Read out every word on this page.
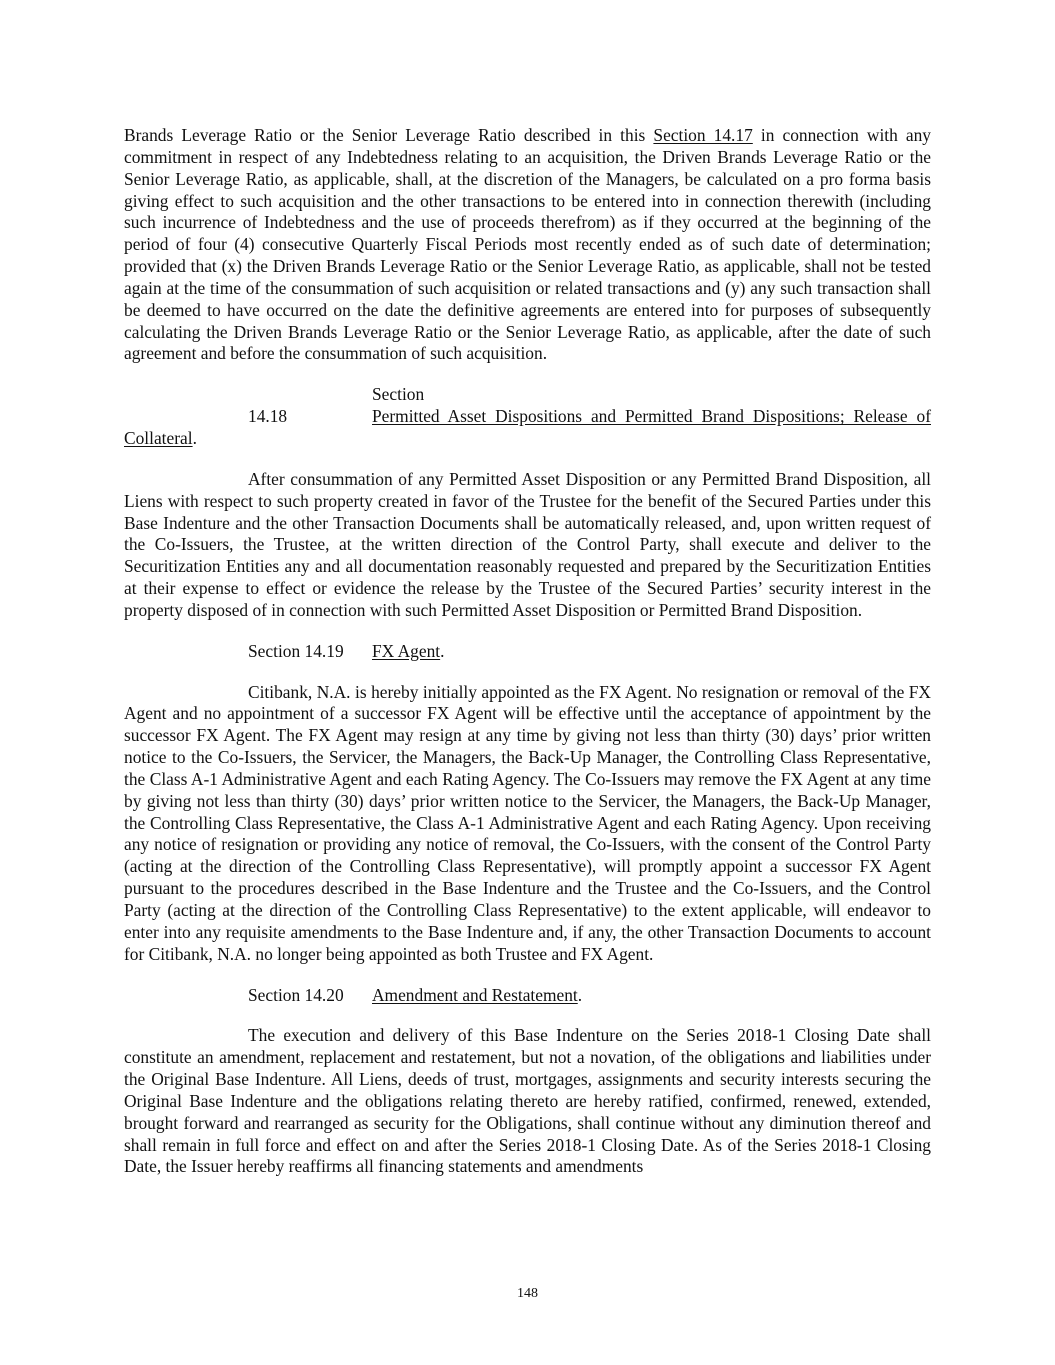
Brands Leverage Ratio or the Senior Leverage Ratio described in this Section 14.17 in connection with any commitment in respect of any Indebtedness relating to an acquisition, the Driven Brands Leverage Ratio or the Senior Leverage Ratio, as applicable, shall, at the discretion of the Managers, be calculated on a pro forma basis giving effect to such acquisition and the other transactions to be entered into in connection therewith (including such incurrence of Indebtedness and the use of proceeds therefrom) as if they occurred at the beginning of the period of four (4) consecutive Quarterly Fiscal Periods most recently ended as of such date of determination; provided that (x) the Driven Brands Leverage Ratio or the Senior Leverage Ratio, as applicable, shall not be tested again at the time of the consummation of such acquisition or related transactions and (y) any such transaction shall be deemed to have occurred on the date the definitive agreements are entered into for purposes of subsequently calculating the Driven Brands Leverage Ratio or the Senior Leverage Ratio, as applicable, after the date of such agreement and before the consummation of such acquisition.

Section 14.18	Permitted Asset Dispositions and Permitted Brand Dispositions; Release of Collateral.

After consummation of any Permitted Asset Disposition or any Permitted Brand Disposition, all Liens with respect to such property created in favor of the Trustee for the benefit of the Secured Parties under this Base Indenture and the other Transaction Documents shall be automatically released, and, upon written request of the Co-Issuers, the Trustee, at the written direction of the Control Party, shall execute and deliver to the Securitization Entities any and all documentation reasonably requested and prepared by the Securitization Entities at their expense to effect or evidence the release by the Trustee of the Secured Parties’ security interest in the property disposed of in connection with such Permitted Asset Disposition or Permitted Brand Disposition.

Section 14.19 FX Agent.

Citibank, N.A. is hereby initially appointed as the FX Agent. No resignation or removal of the FX Agent and no appointment of a successor FX Agent will be effective until the acceptance of appointment by the successor FX Agent. The FX Agent may resign at any time by giving not less than thirty (30) days’ prior written notice to the Co-Issuers, the Servicer, the Managers, the Back-Up Manager, the Controlling Class Representative, the Class A-1 Administrative Agent and each Rating Agency. The Co-Issuers may remove the FX Agent at any time by giving not less than thirty (30) days’ prior written notice to the Servicer, the Managers, the Back-Up Manager, the Controlling Class Representative, the Class A-1 Administrative Agent and each Rating Agency. Upon receiving any notice of resignation or providing any notice of removal, the Co-Issuers, with the consent of the Control Party (acting at the direction of the Controlling Class Representative), will promptly appoint a successor FX Agent pursuant to the procedures described in the Base Indenture and the Trustee and the Co-Issuers, and the Control Party (acting at the direction of the Controlling Class Representative) to the extent applicable, will endeavor to enter into any requisite amendments to the Base Indenture and, if any, the other Transaction Documents to account for Citibank, N.A. no longer being appointed as both Trustee and FX Agent.

Section 14.20 Amendment and Restatement.

The execution and delivery of this Base Indenture on the Series 2018-1 Closing Date shall constitute an amendment, replacement and restatement, but not a novation, of the obligations and liabilities under the Original Base Indenture. All Liens, deeds of trust, mortgages, assignments and security interests securing the Original Base Indenture and the obligations relating thereto are hereby ratified, confirmed, renewed, extended, brought forward and rearranged as security for the Obligations, shall continue without any diminution thereof and shall remain in full force and effect on and after the Series 2018-1 Closing Date. As of the Series 2018-1 Closing Date, the Issuer hereby reaffirms all financing statements and amendments

148
